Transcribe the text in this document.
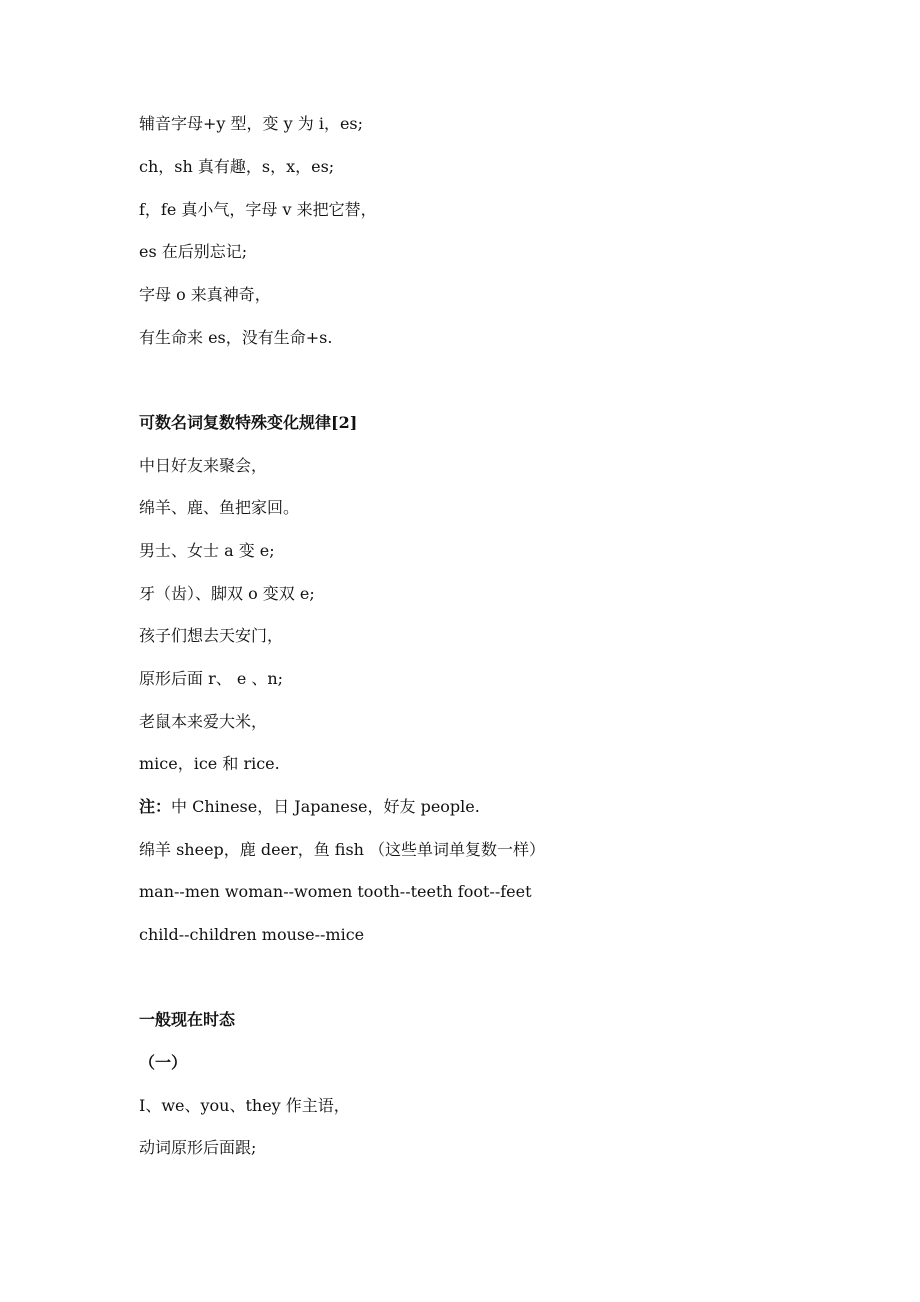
辅音字母+y 型，变 y 为 i，es;

ch，sh 真有趣，s，x，es;

f，fe 真小气，字母 v 来把它替，

es 在后别忘记;

字母 o 来真神奇，

有生命来 es，没有生命+s.

可数名词复数特殊变化规律[2]

中日好友来聚会，

绵羊、鹿、鱼把家回。

男士、女士 a 变 e;

牙（齿）、脚双 o 变双 e;

孩子们想去天安门，

原形后面 r、 e 、n;

老鼠本来爱大米，

mice，ice 和 rice.

注：中 Chinese，日 Japanese，好友 people.

绵羊 sheep，鹿 deer，鱼 fish （这些单词单复数一样）

man--men woman--women tooth--teeth foot--feet

child--children mouse--mice

一般现在时态

（一）

I、we、you、they 作主语，

动词原形后面跟;
